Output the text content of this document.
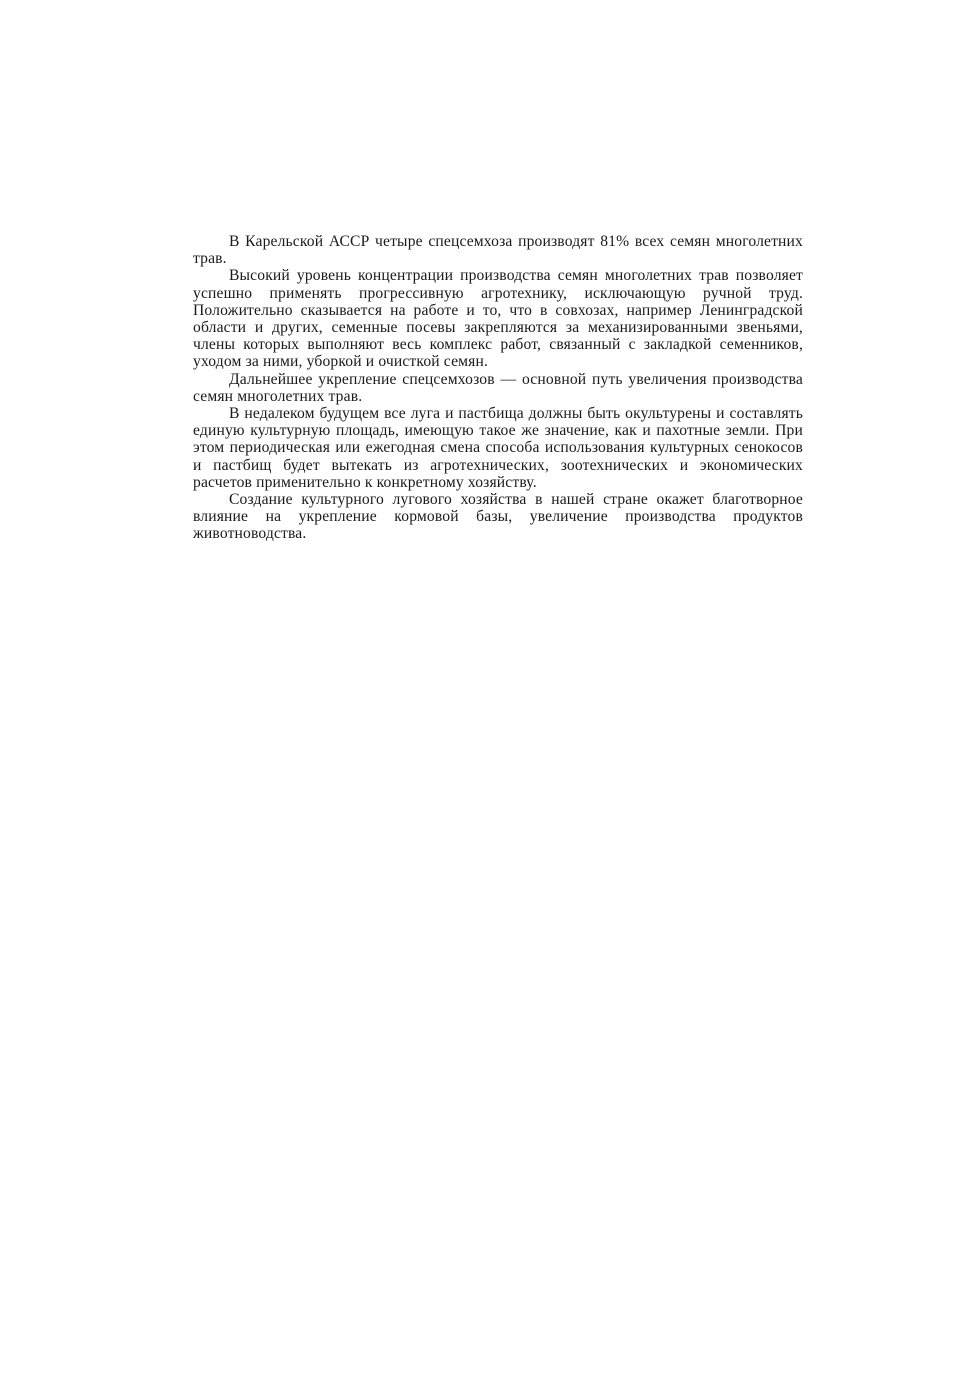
В Карельской АССР четыре спецсемхоза производят 81% всех семян многолетних трав.

Высокий уровень концентрации производства семян многолетних трав позволяет успешно применять прогрессивную агротехнику, исключающую ручной труд. Положительно сказывается на работе и то, что в совхозах, например Ленинградской области и других, семенные посевы закрепляются за механизированными звеньями, члены которых выполняют весь комплекс работ, связанный с закладкой семенников, уходом за ними, уборкой и очисткой семян.

Дальнейшее укрепление спецсемхозов — основной путь увеличения производства семян многолетних трав.

В недалеком будущем все луга и пастбища должны быть окультурены и составлять единую культурную площадь, имеющую такое же значение, как и пахотные земли. При этом периодическая или ежегодная смена способа использования культурных сенокосов и пастбищ будет вытекать из агротехнических, зоотехнических и экономических расчетов применительно к конкретному хозяйству.

Создание культурного лугового хозяйства в нашей стране окажет благотворное влияние на укрепление кормовой базы, увеличение производства продуктов животноводства.
